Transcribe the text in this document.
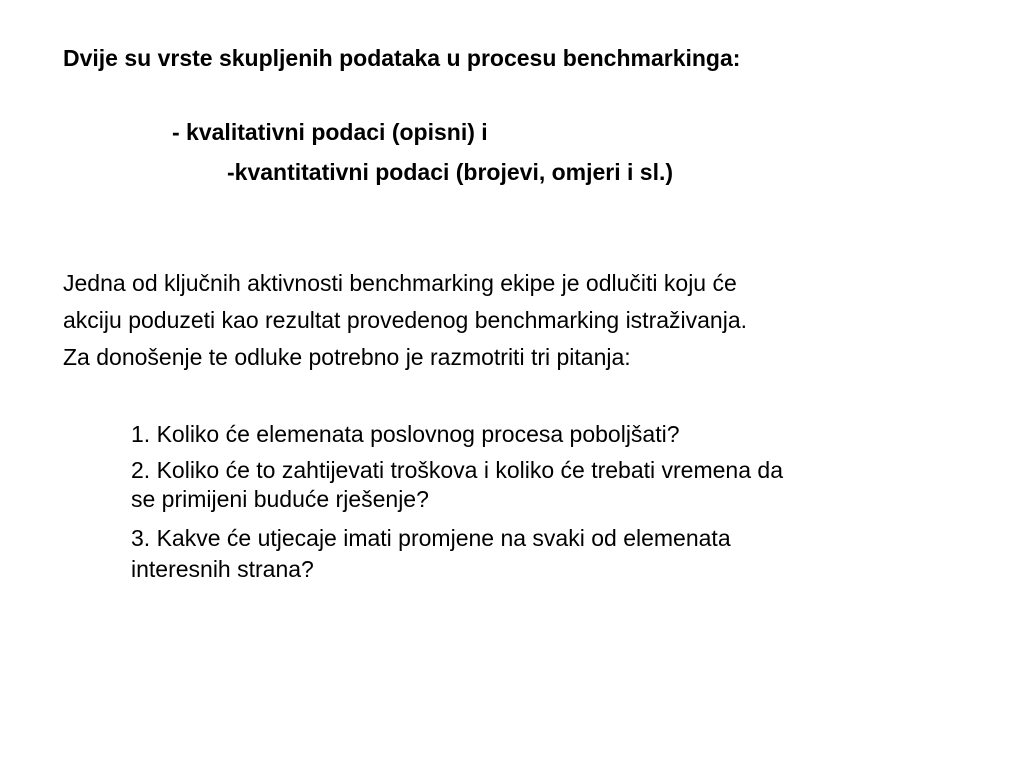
Dvije su vrste skupljenih podataka u procesu benchmarkinga:
- kvalitativni podaci (opisni) i
-kvantitativni podaci (brojevi, omjeri i sl.)
Jedna od ključnih aktivnosti benchmarking ekipe je odlučiti koju će
akciju poduzeti kao rezultat provedenog benchmarking istraživanja.
Za donošenje te odluke potrebno je razmotriti tri pitanja:
1. Koliko će elemenata poslovnog procesa poboljšati?
2. Koliko će to zahtijevati troškova i koliko će trebati vremena da
se primijeni buduće rješenje?
3. Kakve će utjecaje imati promjene na svaki od elemenata
interesnih strana?
